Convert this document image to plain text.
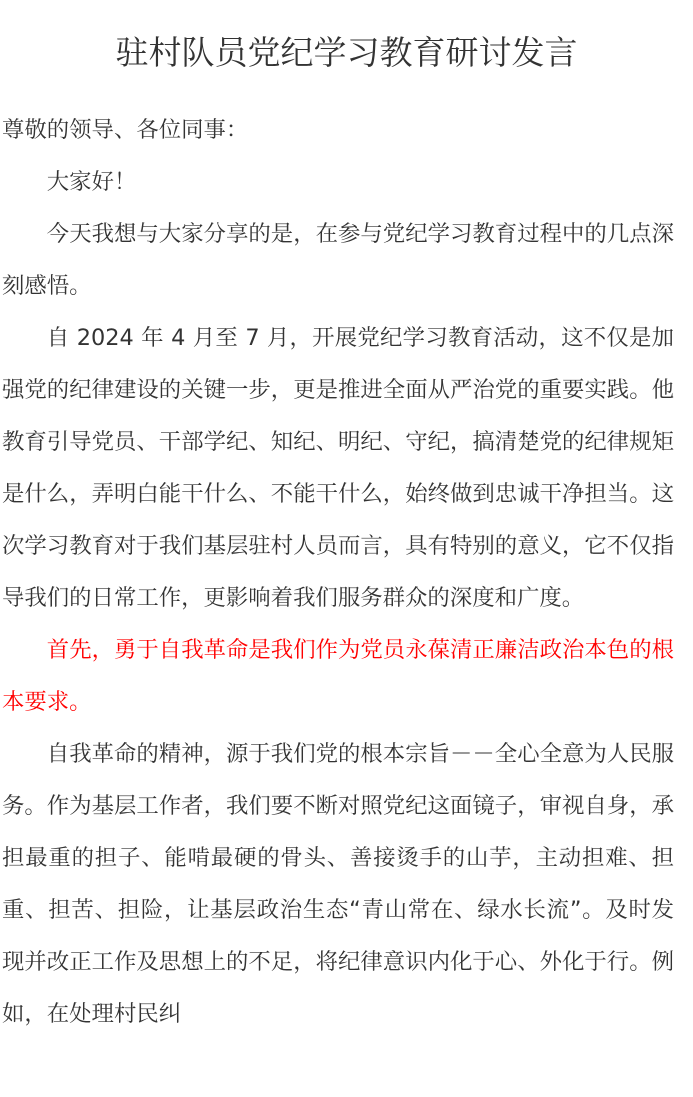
驻村队员党纪学习教育研讨发言

尊敬的领导、各位同事：

大家好！

今天我想与大家分享的是，在参与党纪学习教育过程中的几点深刻感悟。

自 2024 年 4 月至 7 月，开展党纪学习教育活动，这不仅是加强党的纪律建设的关键一步，更是推进全面从严治党的重要实践。他教育引导党员、干部学纪、知纪、明纪、守纪，搞清楚党的纪律规矩是什么，弄明白能干什么、不能干什么，始终做到忠诚干净担当。这次学习教育对于我们基层驻村人员而言，具有特别的意义，它不仅指导我们的日常工作，更影响着我们服务群众的深度和广度。

首先，勇于自我革命是我们作为党员永葆清正廉洁政治本色的根本要求。

自我革命的精神，源于我们党的根本宗旨－－全心全意为人民服务。作为基层工作者，我们要不断对照党纪这面镜子，审视自身，承担最重的担子、能啃最硬的骨头、善接烫手的山芋，主动担难、担重、担苦、担险，让基层政治生态“青山常在、绿水长流”。及时发现并改正工作及思想上的不足，将纪律意识内化于心、外化于行。例如，在处理村民纠
